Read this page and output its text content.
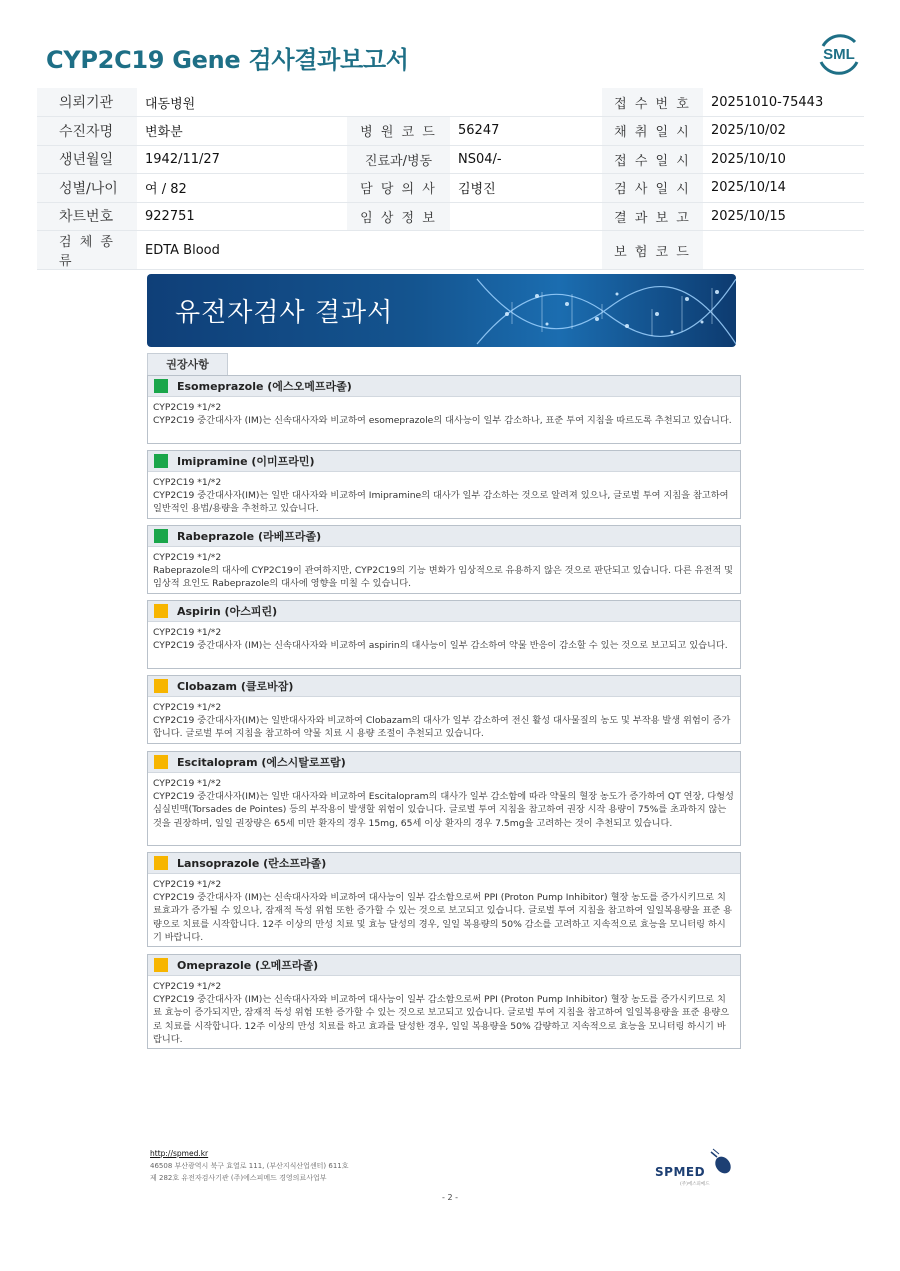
CYP2C19 Gene 검사결과보고서	SML
의뢰기관	대동병원			접 수 번 호	20251010-75443
수진자명	변화분	병 원 코 드	56247	채 취 일 시	2025/10/02
생년월일	1942/11/27	진료과/병동	NS04/-	접 수 일 시	2025/10/10
성별/나이	여 / 82	담 당 의 사	김병진	검 사 일 시	2025/10/14
차트번호	922751	임 상 정 보		결 과 보 고	2025/10/15
검 체 종 류	EDTA Blood			보 험 코 드	
유전자검사 결과서
권장사항
Esomeprazole (에스오메프라졸)
CYP2C19 *1/*2
CYP2C19 중간대사자 (IM)는 신속대사자와 비교하여 esomeprazole의 대사능이 일부 감소하나, 표준 투여 지침을 따르도록 추천되고 있습니다.
Imipramine (이미프라민)
CYP2C19 *1/*2
CYP2C19 중간대사자(IM)는 일반 대사자와 비교하여 Imipramine의 대사가 일부 감소하는 것으로 알려져 있으나, 글로벌 투여 지침을 참고하여 일반적인 용법/용량을 추천하고 있습니다.
Rabeprazole (라베프라졸)
CYP2C19 *1/*2
Rabeprazole의 대사에 CYP2C19이 관여하지만, CYP2C19의 기능 변화가 임상적으로 유용하지 않은 것으로 판단되고 있습니다. 다른 유전적 및 임상적 요인도 Rabeprazole의 대사에 영향을 미칠 수 있습니다.
Aspirin (아스피린)
CYP2C19 *1/*2
CYP2C19 중간대사자 (IM)는 신속대사자와 비교하여 aspirin의 대사능이 일부 감소하여 약물 반응이 감소할 수 있는 것으로 보고되고 있습니다.
Clobazam (클로바잠)
CYP2C19 *1/*2
CYP2C19 중간대사자(IM)는 일반대사자와 비교하여 Clobazam의 대사가 일부 감소하여 전신 활성 대사물질의 농도 및 부작용 발생 위험이 증가합니다. 글로벌 투여 지침을 참고하여 약물 치료 시 용량 조절이 추천되고 있습니다.
Escitalopram (에스시탈로프람)
CYP2C19 *1/*2
CYP2C19 중간대사자(IM)는 일반 대사자와 비교하여 Escitalopram의 대사가 일부 감소함에 따라 약물의 혈장 농도가 증가하여 QT 연장, 다형성 심실빈맥(Torsades de Pointes) 등의 부작용이 발생할 위험이 있습니다. 글로벌 투여 지침을 참고하여 권장 시작 용량이 75%를 초과하지 않는 것을 권장하며, 일일 권장량은 65세 미만 환자의 경우 15mg, 65세 이상 환자의 경우 7.5mg을 고려하는 것이 추천되고 있습니다.
Lansoprazole (란소프라졸)
CYP2C19 *1/*2
CYP2C19 중간대사자 (IM)는 신속대사자와 비교하여 대사능이 일부 감소함으로써 PPI (Proton Pump Inhibitor) 혈장 농도를 증가시키므로 치료효과가 증가될 수 있으나, 잠재적 독성 위험 또한 증가할 수 있는 것으로 보고되고 있습니다. 글로벌 투여 지침을 참고하여 일일복용량을 표준 용량으로 치료를 시작합니다. 12주 이상의 만성 치료 및 효능 달성의 경우, 일일 복용량의 50% 감소를 고려하고 지속적으로 효능을 모니터링 하시기 바랍니다.
Omeprazole (오메프라졸)
CYP2C19 *1/*2
CYP2C19 중간대사자 (IM)는 신속대사자와 비교하여 대사능이 일부 감소함으로써 PPI (Proton Pump Inhibitor) 혈장 농도를 증가시키므로 치료 효능이 증가되지만, 잠재적 독성 위험 또한 증가할 수 있는 것으로 보고되고 있습니다. 글로벌 투여 지침을 참고하여 일일복용량을 표준 용량으로 치료를 시작합니다. 12주 이상의 만성 치료를 하고 효과를 달성한 경우, 일일 복용량을 50% 감량하고 지속적으로 효능을 모니터링 하시기 바랍니다.
http://spmed.kr
46508 부산광역시 북구 효열로 111, (부산지식산업센터) 611호
제 282호 유전자검사기관 (주)에스피메드 경영의료사업부	SPMED
(주)에스피메드
- 2 -
